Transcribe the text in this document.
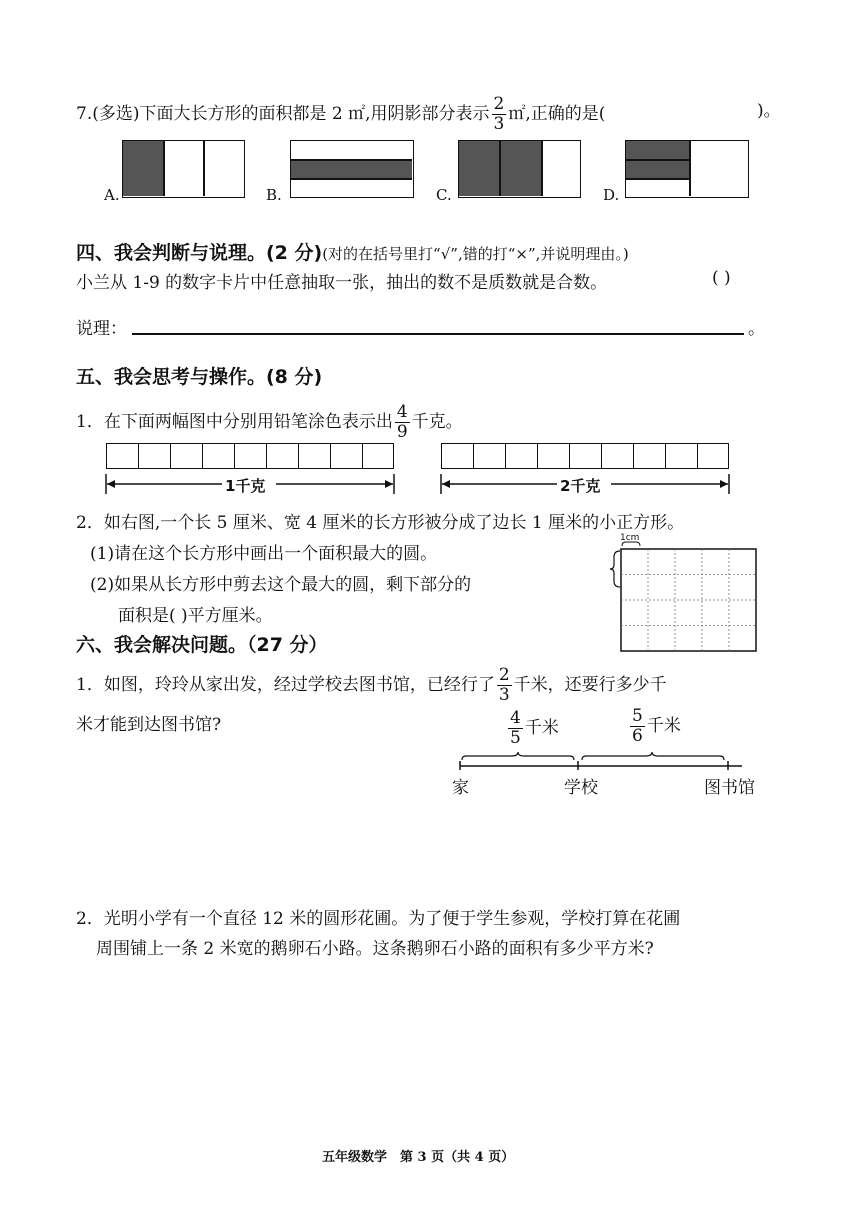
7.(多选)下面大长方形的面积都是 2 ㎡,用阴影部分表示 $\frac{2}{3}$ ㎡,正确的是(	)。
A.	B.	C.	D.
四、我会判断与说理。(2 分)(对的在括号里打“√”,错的打“×”,并说明理由。)
小兰从 1-9 的数字卡片中任意抽取一张，抽出的数不是质数就是合数。	( )
说理：	。
五、我会思考与操作。(8 分)
1．在下面两幅图中分别用铅笔涂色表示出 $\frac{4}{9}$ 千克。
1千克	2千克
2．如右图,一个长 5 厘米、宽 4 厘米的长方形被分成了边长 1 厘米的小正方形。
(1)请在这个长方形中画出一个面积最大的圆。
(2)如果从长方形中剪去这个最大的圆，剩下部分的
面积是( )平方厘米。
1cm
六、我会解决问题。（27 分）
1．如图，玲玲从家出发，经过学校去图书馆，已经行了 $\frac{2}{3}$ 千米，还要行多少千
米才能到达图书馆?	$\frac{4}{5}$ 千米	$\frac{5}{6}$ 千米
家	学校	图书馆
2．光明小学有一个直径 12 米的圆形花圃。为了便于学生参观，学校打算在花圃
周围铺上一条 2 米宽的鹅卵石小路。这条鹅卵石小路的面积有多少平方米?
五年级数学　第 3 页（共 4 页）
